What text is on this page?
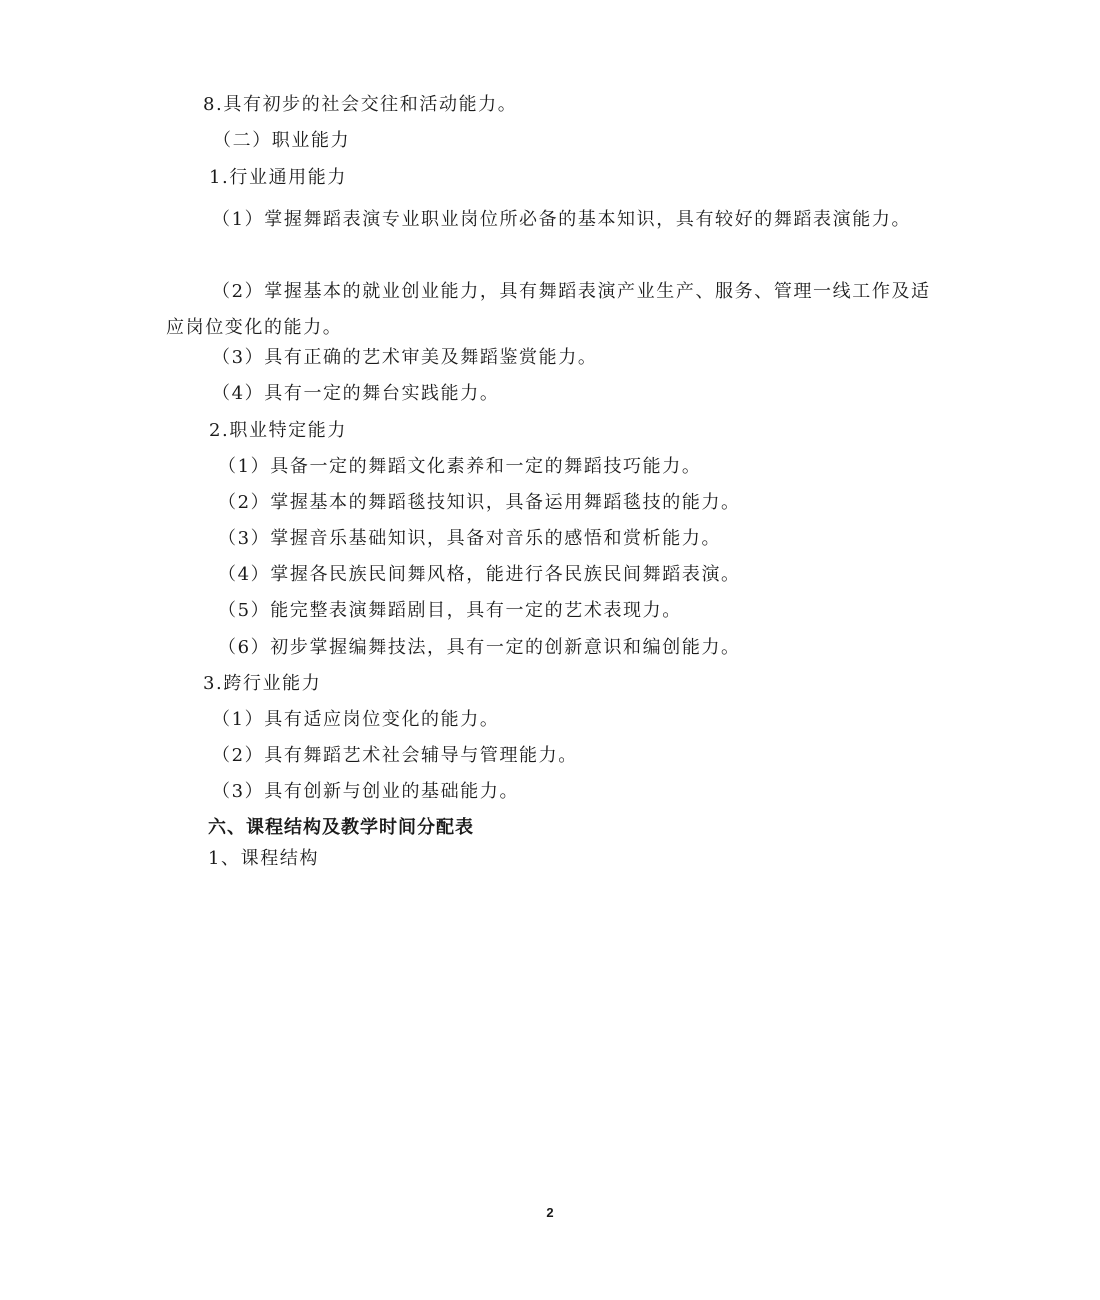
8.具有初步的社会交往和活动能力。
（二）职业能力
1.行业通用能力
（1）掌握舞蹈表演专业职业岗位所必备的基本知识，具有较好的舞蹈表演能力。
（2）掌握基本的就业创业能力，具有舞蹈表演产业生产、服务、管理一线工作及适应岗位变化的能力。
（3）具有正确的艺术审美及舞蹈鉴赏能力。
（4）具有一定的舞台实践能力。
2.职业特定能力
（1）具备一定的舞蹈文化素养和一定的舞蹈技巧能力。
（2）掌握基本的舞蹈毯技知识，具备运用舞蹈毯技的能力。
（3）掌握音乐基础知识，具备对音乐的感悟和赏析能力。
（4）掌握各民族民间舞风格，能进行各民族民间舞蹈表演。
（5）能完整表演舞蹈剧目，具有一定的艺术表现力。
（6）初步掌握编舞技法，具有一定的创新意识和编创能力。
3.跨行业能力
（1）具有适应岗位变化的能力。
（2）具有舞蹈艺术社会辅导与管理能力。
（3）具有创新与创业的基础能力。
六、课程结构及教学时间分配表
1、课程结构
2
